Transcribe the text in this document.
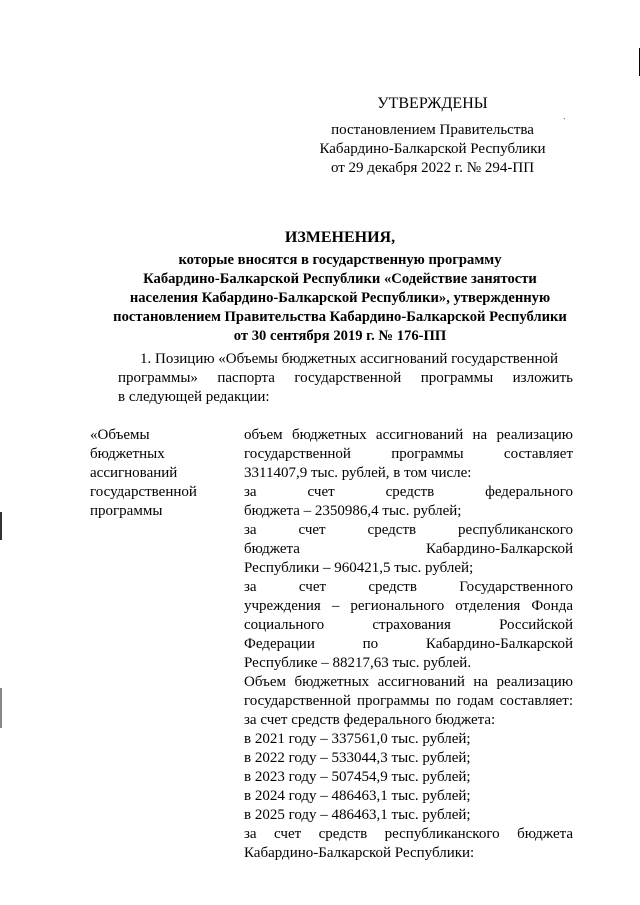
УТВЕРЖДЕНЫ
постановлением Правительства
Кабардино-Балкарской Республики
от 29 декабря 2022 г. № 294-ПП
`
ИЗМЕНЕНИЯ,
которые вносятся в государственную программу
Кабардино-Балкарской Республики «Содействие занятости
населения Кабардино-Балкарской Республики», утвержденную
постановлением Правительства Кабардино-Балкарской Республики
от 30 сентября 2019 г. № 176-ПП
1. Позицию «Объемы бюджетных ассигнований государственной
программы» паспорта государственной программы изложить
в следующей редакции:
«Объемы
бюджетных
ассигнований
государственной
программы
объем бюджетных ассигнований на реализацию
государственной программы составляет
3311407,9 тыс. рублей, в том числе:
за счет средств федерального
бюджета – 2350986,4 тыс. рублей;
за счет средств республиканского
бюджета Кабардино-Балкарской
Республики – 960421,5 тыс. рублей;
за счет средств Государственного
учреждения – регионального отделения Фонда
социального страхования Российской
Федерации по Кабардино-Балкарской
Республике – 88217,63 тыс. рублей.
Объем бюджетных ассигнований на реализацию
государственной программы по годам составляет:
за счет средств федерального бюджета:
в 2021 году – 337561,0 тыс. рублей;
в 2022 году – 533044,3 тыс. рублей;
в 2023 году – 507454,9 тыс. рублей;
в 2024 году – 486463,1 тыс. рублей;
в 2025 году – 486463,1 тыс. рублей;
за счет средств республиканского бюджета
Кабардино-Балкарской Республики:
